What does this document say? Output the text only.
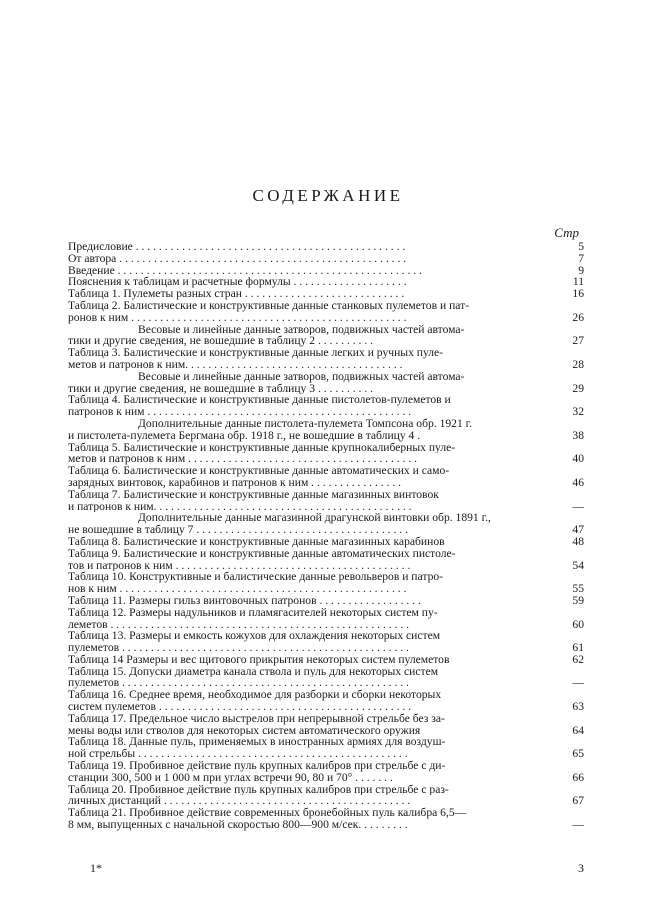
СОДЕРЖАНИЕ
Стр
Предисловие . . . . . . . . . . . . . . . . . . . . . . . . . . . . . . . . . . . . . . . . . . . . . . .	5
От автора . . . . . . . . . . . . . . . . . . . . . . . . . . . . . . . . . . . . . . . . . . . . . . . . . .	7
Введение . . . . . . . . . . . . . . . . . . . . . . . . . . . . . . . . . . . . . . . . . . . . . . . . . . . . .	9
Пояснения к таблицам и расчетные формулы . . . . . . . . . . . . . . . . . . . .	11
Таблица 1. Пулеметы разных стран . . . . . . . . . . . . . . . . . . . . . . . . . . . .	16
Таблица 2. Балистические и конструктивные данные станковых пулеметов и пат-
ронов к ним . . . . . . . . . . . . . . . . . . . . . . . . . . . . . . . . . . . . . . . . . . . . . . . .	26
Весовые и линейные данные затворов, подвижных частей автома-
тики и другие сведения, не вошедшие в таблицу 2 . . . . . . . . . .	27
Таблица 3. Балистические и конструктивные данные легких и ручных пуле-
метов и патронов к ним. . . . . . . . . . . . . . . . . . . . . . . . . . . . . . . . . . . . . .	28
Весовые и линейные данные затворов, подвижных частей автома-
тики и другие сведения, не вошедшие в таблицу 3 . . . . . . . . . .	29
Таблица 4. Балистические и конструктивные данные пистолетов-пулеметов и
патронов к ним . . . . . . . . . . . . . . . . . . . . . . . . . . . . . . . . . . . . . . . . . . . . . .	32
Дополнительные данные пистолета-пулемета Томпсона обр. 1921 г.
и пистолета-пулемета Бергмана обр. 1918 г., не вошедшие в таблицу 4 .	38
Таблица 5. Балистические и конструктивные данные крупнокалиберных пуле-
метов и патронов к ним . . . . . . . . . . . . . . . . . . . . . . . . . . . . . . . . . . . . . . . .	40
Таблица 6. Балистические и конструктивные данные автоматических и само-
зарядных винтовок, карабинов и патронов к ним . . . . . . . . . . . . . . . .	46
Таблица 7. Балистические и конструктивные данные магазинных винтовок
и патронов к ним. . . . . . . . . . . . . . . . . . . . . . . . . . . . . . . . . . . . . . . . . . . . .	—
Дополнительные данные магазинной драгунской винтовки обр. 1891 г.,
не вошедшие в таблицу 7 . . . . . . . . . . . . . . . . . . . . . . . . . . . . . . . . . . . . .	47
Таблица 8. Балистические и конструктивные данные магазинных карабинов	48
Таблица 9. Балистические и конструктивные данные автоматических пистоле-
тов и патронов к ним . . . . . . . . . . . . . . . . . . . . . . . . . . . . . . . . . . . . . . . . .	54
Таблица 10. Конструктивные и балистические данные револьверов и патро-
нов к ним . . . . . . . . . . . . . . . . . . . . . . . . . . . . . . . . . . . . . . . . . . . . . . . . . .	55
Таблица 11. Размеры гильз винтовочных патронов . . . . . . . . . . . . . . . . . .	59
Таблица 12. Размеры надульников и пламягасителей некоторых систем пу-
леметов . . . . . . . . . . . . . . . . . . . . . . . . . . . . . . . . . . . . . . . . . . . . . . . . . . . .	60
Таблица 13. Размеры и емкость кожухов для охлаждения некоторых систем
пулеметов . . . . . . . . . . . . . . . . . . . . . . . . . . . . . . . . . . . . . . . . . . . . . . . . . .	61
Таблица 14 Размеры и вес щитового прикрытия некоторых систем пулеметов	62
Таблица 15. Допуски диаметра канала ствола и пуль для некоторых систем
пулеметов . . . . . . . . . . . . . . . . . . . . . . . . . . . . . . . . . . . . . . . . . . . . . . . . . .	—
Таблица 16. Среднее время, необходимое для разборки и сборки некоторых
систем пулеметов . . . . . . . . . . . . . . . . . . . . . . . . . . . . . . . . . . . . . . . . . . . .	63
Таблица 17. Предельное число выстрелов при непрерывной стрельбе без за-
мены воды или стволов для некоторых систем автоматического оружия	64
Таблица 18. Данные пуль, применяемых в иностранных армиях для воздуш-
ной стрельбы . . . . . . . . . . . . . . . . . . . . . . . . . . . . . . . . . . . . . . . . . . . . . . .	65
Таблица 19. Пробивное действие пуль крупных калибров при стрельбе с ди-
станции 300, 500 и 1 000 м при углах встречи 90, 80 и 70° . . . . . . .	66
Таблица 20. Пробивное действие пуль крупных калибров при стрельбе с раз-
личных дистанций . . . . . . . . . . . . . . . . . . . . . . . . . . . . . . . . . . . . . . . . . . .	67
Таблица 21. Пробивное действие современных бронебойных пуль калибра 6,5—
8 мм, выпущенных с начальной скоростью 800—900 м/сек. . . . . . . . .	—
1*	3
